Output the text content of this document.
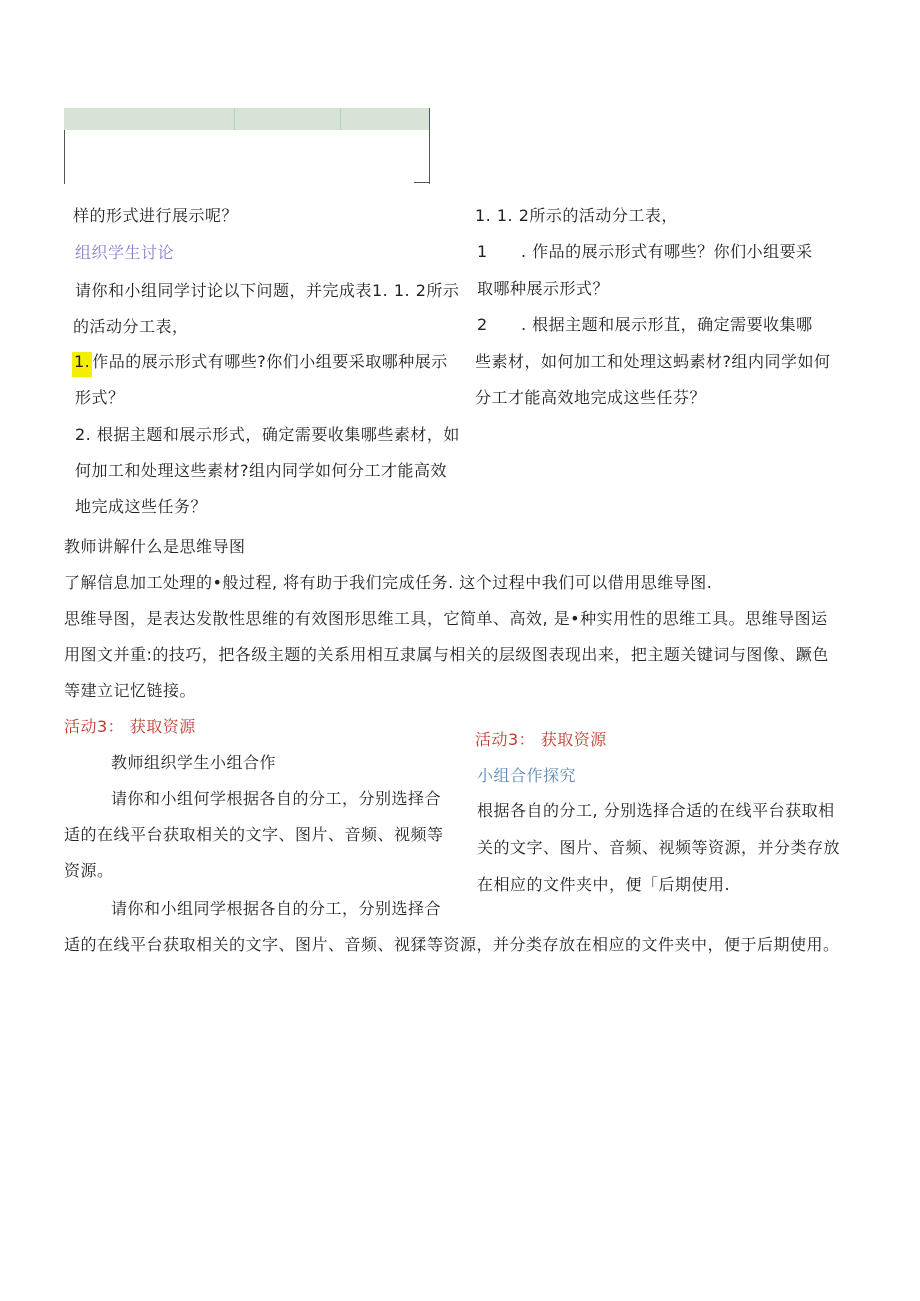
样的形式进行展示呢？
组织学生讨论
请你和小组同学讨论以下问题，并完成表1. 1. 2所示
的活动分工表，
1. 作品的展示形式有哪些?你们小组要采取哪种展示
形式？
2. 根据主题和展示形式，确定需要收集哪些素材，如
何加工和处理这些素材?组内同学如何分工才能高效
地完成这些任务？
1. 1. 2所示的活动分工表，
1 . 作品的展示形式有哪些？你们小组要采
取哪种展示形式？
2 . 根据主题和展示形苴，确定需要收集哪
些素材，如何加工和处理这蚂素材?组内同学如何
分工才能高效地完成这些任芬？
教师讲解什么是思维导图
了解信息加工处理的•般过程, 将有助于我们完成任务. 这个过程中我们可以借用思维导图.
思维导图，是表达发散性思维的有效图形思维工具，它简单、高效, 是•种实用性的思维工具。思维导图运
用图文并重:的技巧，把各级主题的关系用相互隶属与相关的层级图表现出来，把主题关键词与图像、蹶色
等建立记忆链接。
活动3： 获取资源
教师组织学生小组合作
请你和小组何学根据各自的分工，分别选择合
适的在线平台获取相关的文字、图片、音频、视频等
资源。
请你和小组同学根据各自的分工，分别选择合
活动3： 获取资源
小组合作探究
根据各自的分工, 分别选择合适的在线平台获取相
关的文字、图片、音频、视频等资源，并分类存放
在相应的文件夹中，便「后期使用.
适的在线平台获取相关的文字、图片、音频、视猱等资源，并分类存放在相应的文件夹中，便于后期使用。
